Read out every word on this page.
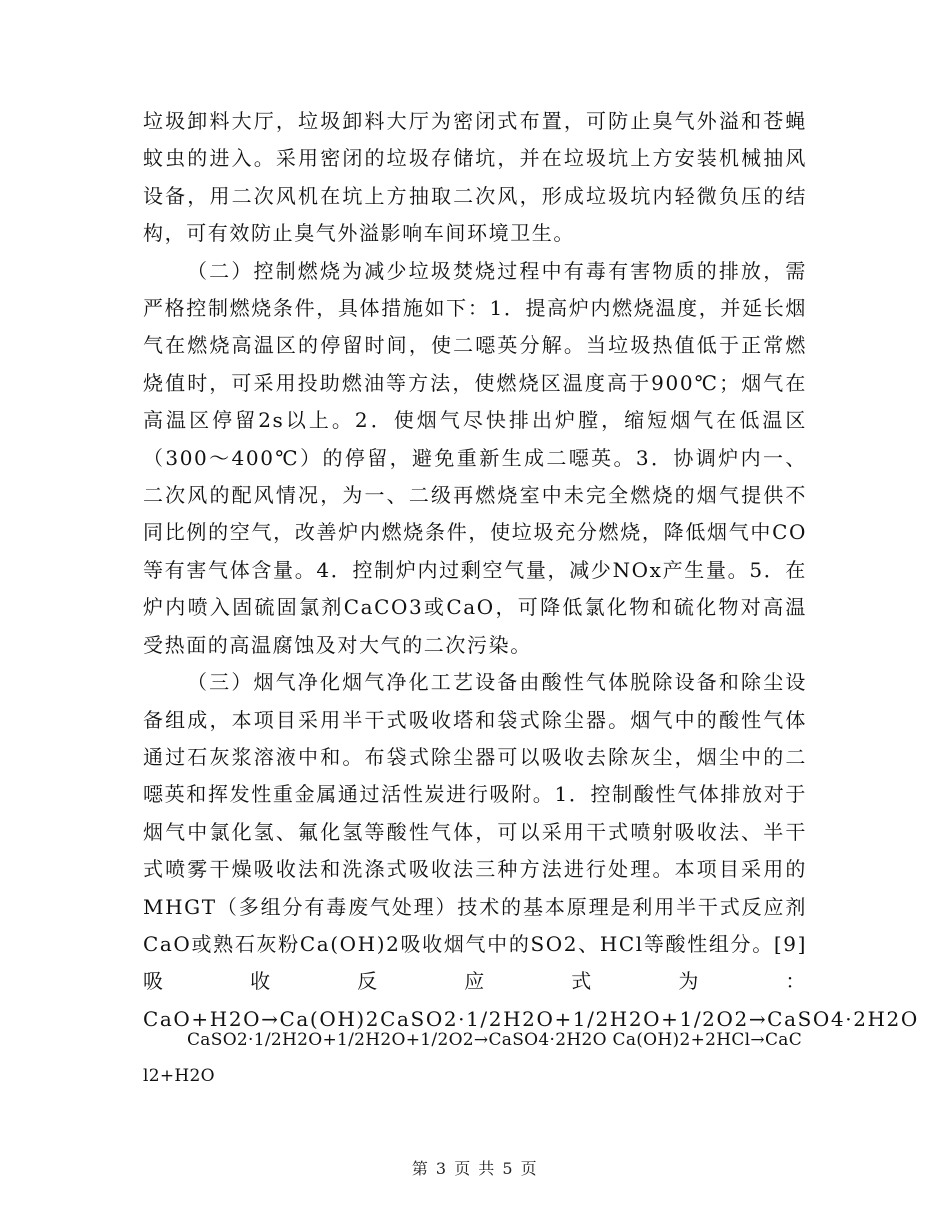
垃圾卸料大厅，垃圾卸料大厅为密闭式布置，可防止臭气外溢和苍蝇蚊虫的进入。采用密闭的垃圾存储坑，并在垃圾坑上方安装机械抽风设备，用二次风机在坑上方抽取二次风，形成垃圾坑内轻微负压的结构，可有效防止臭气外溢影响车间环境卫生。

（二）控制燃烧为减少垃圾焚烧过程中有毒有害物质的排放，需严格控制燃烧条件，具体措施如下：1．提高炉内燃烧温度，并延长烟气在燃烧高温区的停留时间，使二噁英分解。当垃圾热值低于正常燃烧值时，可采用投助燃油等方法，使燃烧区温度高于900℃；烟气在高温区停留2s以上。2．使烟气尽快排出炉膛，缩短烟气在低温区（300～400℃）的停留，避免重新生成二噁英。3．协调炉内一、二次风的配风情况，为一、二级再燃烧室中未完全燃烧的烟气提供不同比例的空气，改善炉内燃烧条件，使垃圾充分燃烧，降低烟气中CO等有害气体含量。4．控制炉内过剩空气量，减少NOx产生量。5．在炉内喷入固硫固氯剂CaCO3或CaO，可降低氯化物和硫化物对高温受热面的高温腐蚀及对大气的二次污染。

（三）烟气净化烟气净化工艺设备由酸性气体脱除设备和除尘设备组成，本项目采用半干式吸收塔和袋式除尘器。烟气中的酸性气体通过石灰浆溶液中和。布袋式除尘器可以吸收去除灰尘，烟尘中的二噁英和挥发性重金属通过活性炭进行吸附。1．控制酸性气体排放对于烟气中氯化氢、氟化氢等酸性气体，可以采用干式喷射吸收法、半干式喷雾干燥吸收法和洗涤式吸收法三种方法进行处理。本项目采用的MHGT（多组分有毒废气处理）技术的基本原理是利用半干式反应剂CaO或熟石灰粉Ca(OH)2吸收烟气中的SO2、HCl等酸性组分。[9]吸收反应式为：CaO+H2O→Ca(OH)2CaSO2·1/2H2O+1/2H2O+1/2O2→CaSO4·2H2O

CaSO2·1/2H2O+1/2H2O+1/2O2→CaSO4·2H2O Ca(OH)2+2HCl→CaCl2+H2O

第 3 页 共 5 页
